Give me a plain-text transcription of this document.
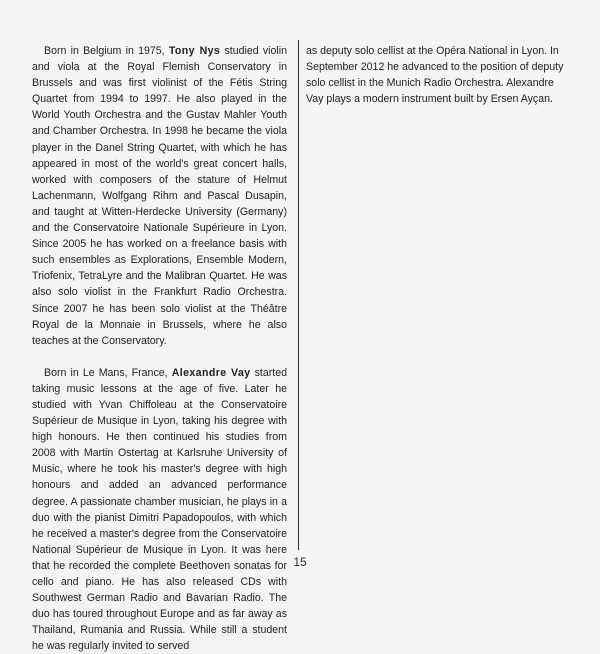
Born in Belgium in 1975, Tony Nys studied violin and viola at the Royal Flemish Conservatory in Brussels and was first violinist of the Fétis String Quartet from 1994 to 1997. He also played in the World Youth Orchestra and the Gustav Mahler Youth and Chamber Orchestra. In 1998 he became the viola player in the Danel String Quartet, with which he has appeared in most of the world's great concert halls, worked with composers of the stature of Helmut Lachenmann, Wolfgang Rihm and Pascal Dusapin, and taught at Witten-Herdecke University (Germany) and the Conservatoire Nationale Supérieure in Lyon. Since 2005 he has worked on a freelance basis with such ensembles as Explorations, Ensemble Modern, Triofenix, TetraLyre and the Malibran Quartet. He was also solo violist in the Frankfurt Radio Orchestra. Since 2007 he has been solo violist at the Théâtre Royal de la Monnaie in Brussels, where he also teaches at the Conservatory.

Born in Le Mans, France, Alexandre Vay started taking music lessons at the age of five. Later he studied with Yvan Chiffoleau at the Conservatoire Supérieur de Musique in Lyon, taking his degree with high honours. He then continued his studies from 2008 with Martin Ostertag at Karlsruhe University of Music, where he took his master's degree with high honours and added an advanced performance degree. A passionate chamber musician, he plays in a duo with the pianist Dimitri Papadopoulos, with which he received a master's degree from the Conservatoire National Supérieur de Musique in Lyon. It was here that he recorded the complete Beethoven sonatas for cello and piano. He has also released CDs with Southwest German Radio and Bavarian Radio. The duo has toured throughout Europe and as far away as Thailand, Rumania and Russia. While still a student he was regularly invited to served

as deputy solo cellist at the Opéra National in Lyon. In September 2012 he advanced to the position of deputy solo cellist in the Munich Radio Orchestra. Alexandre Vay plays a modern instrument built by Ersen Ayçan.

15
